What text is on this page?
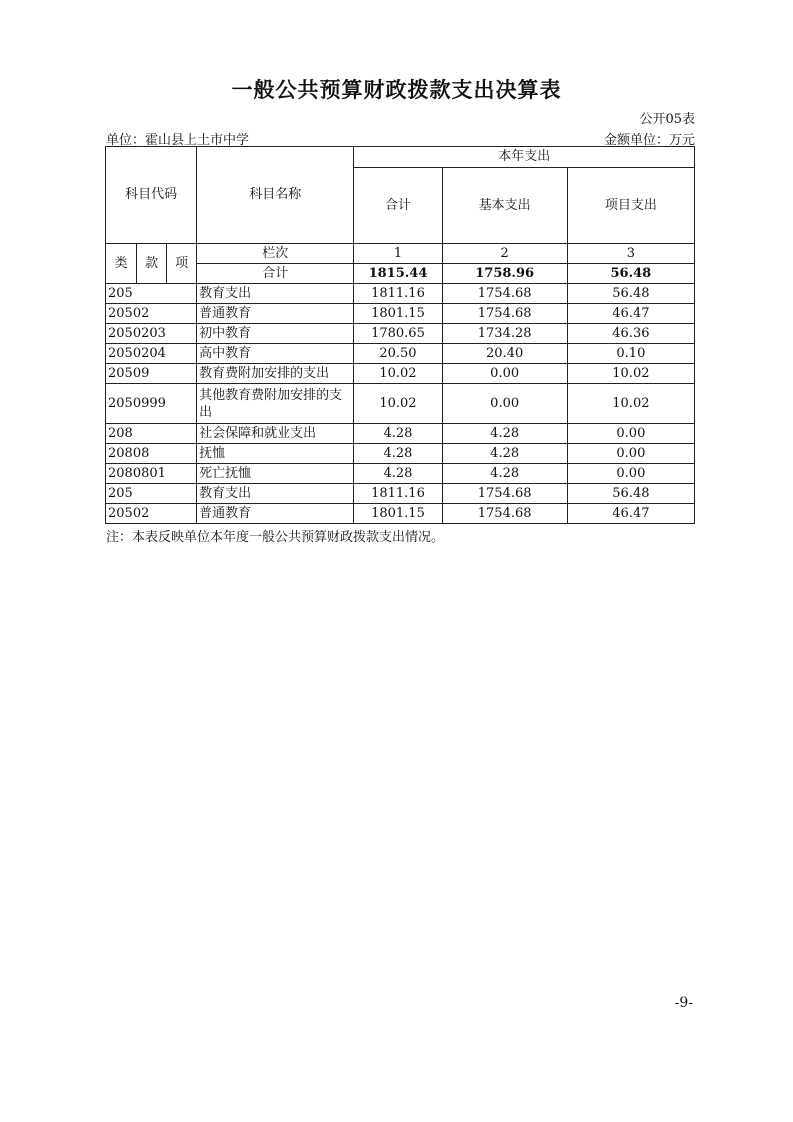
一般公共预算财政拨款支出决算表
公开05表
单位：霍山县上土市中学	金额单位：万元
科目代码			科目名称	本年支出		
				合计	基本支出	项目支出
类	款	项	栏次	1	2	3
			合计	1815.44	1758.96	56.48
205			教育支出	1811.16	1754.68	56.48
20502			普通教育	1801.15	1754.68	46.47
2050203			初中教育	1780.65	1734.28	46.36
2050204			高中教育	20.50	20.40	0.10
20509			教育费附加安排的支出	10.02	0.00	10.02
2050999			其他教育费附加安排的支出	10.02	0.00	10.02
208			社会保障和就业支出	4.28	4.28	0.00
20808			抚恤	4.28	4.28	0.00
2080801			死亡抚恤	4.28	4.28	0.00
205			教育支出	1811.16	1754.68	56.48
20502			普通教育	1801.15	1754.68	46.47
注：本表反映单位本年度一般公共预算财政拨款支出情况。
-9-
